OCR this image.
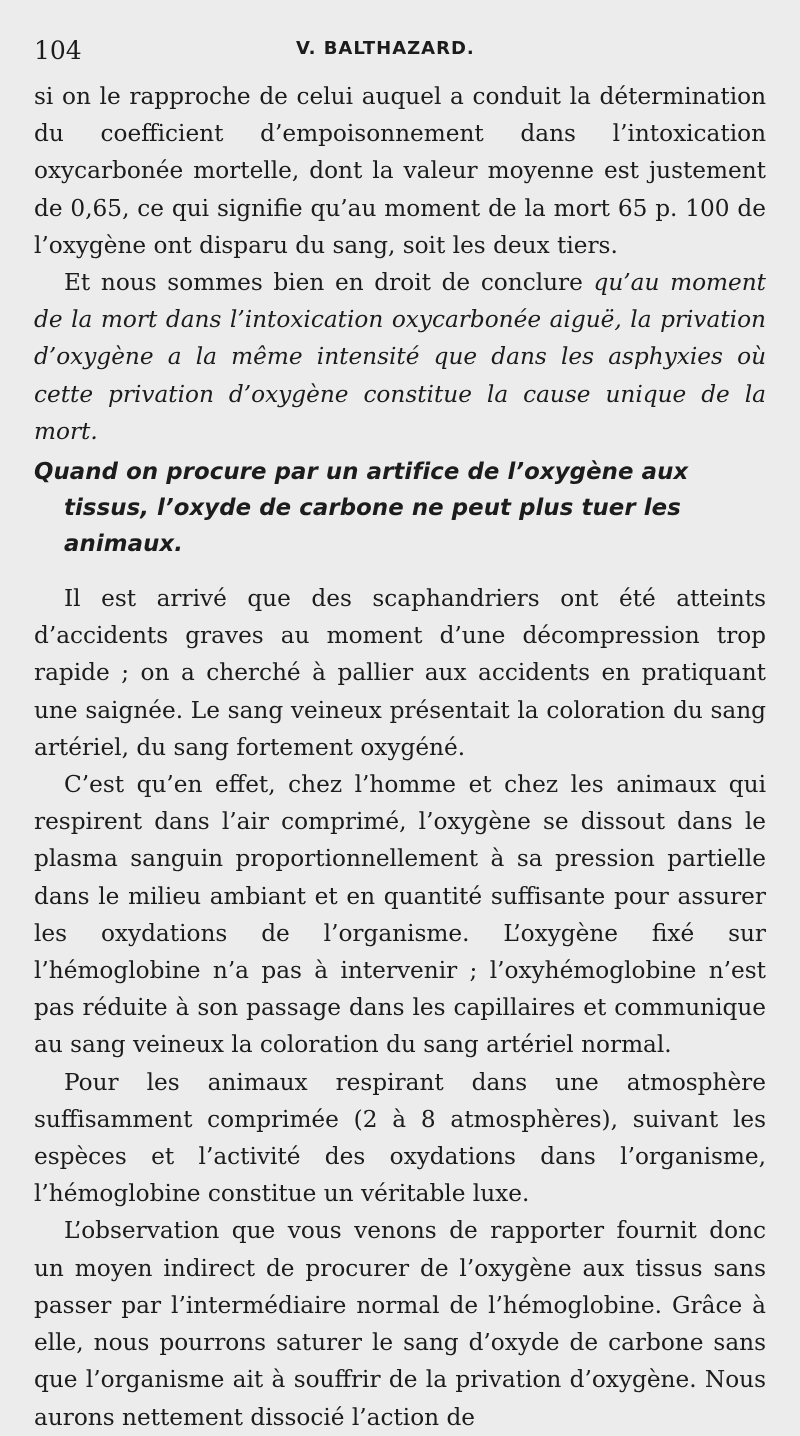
104	V. BALTHAZARD.

si on le rapproche de celui auquel a conduit la détermination du coefficient d’empoisonnement dans l’intoxication oxycarbonée mortelle, dont la valeur moyenne est justement de 0,65, ce qui signifie qu’au moment de la mort 65 p. 100 de l’oxygène ont disparu du sang, soit les deux tiers.

Et nous sommes bien en droit de conclure qu’au moment de la mort dans l’intoxication oxycarbonée aiguë, la privation d’oxygène a la même intensité que dans les asphyxies où cette privation d’oxygène constitue la cause unique de la mort.

Quand on procure par un artifice de l’oxygène aux tissus, l’oxyde de carbone ne peut plus tuer les animaux.

Il est arrivé que des scaphandriers ont été atteints d’accidents graves au moment d’une décompression trop rapide ; on a cherché à pallier aux accidents en pratiquant une saignée. Le sang veineux présentait la coloration du sang artériel, du sang fortement oxygéné.

C’est qu’en effet, chez l’homme et chez les animaux qui respirent dans l’air comprimé, l’oxygène se dissout dans le plasma sanguin proportionnellement à sa pression partielle dans le milieu ambiant et en quantité suffisante pour assurer les oxydations de l’organisme. L’oxygène fixé sur l’hémoglobine n’a pas à intervenir ; l’oxyhémoglobine n’est pas réduite à son passage dans les capillaires et communique au sang veineux la coloration du sang artériel normal.

Pour les animaux respirant dans une atmosphère suffisamment comprimée (2 à 8 atmosphères), suivant les espèces et l’activité des oxydations dans l’organisme, l’hémoglobine constitue un véritable luxe.

L’observation que vous venons de rapporter fournit donc un moyen indirect de procurer de l’oxygène aux tissus sans passer par l’intermédiaire normal de l’hémoglobine. Grâce à elle, nous pourrons saturer le sang d’oxyde de carbone sans que l’organisme ait à souffrir de la privation d’oxygène. Nous aurons nettement dissocié l’action de
